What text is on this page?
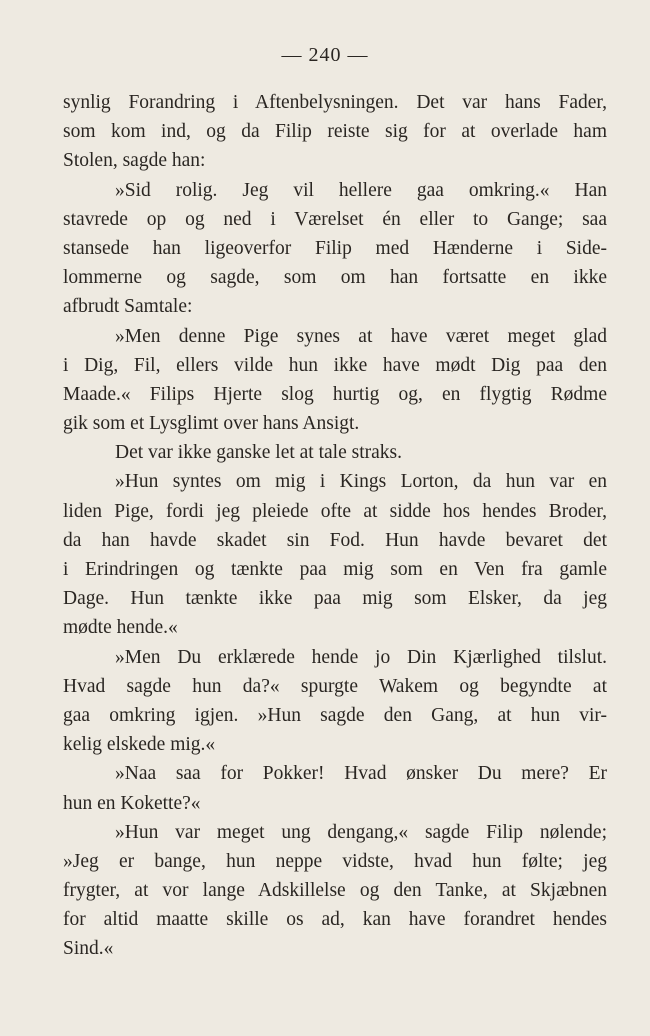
— 240 —
synlig Forandring i Aftenbelysningen. Det var hans Fader,
som kom ind, og da Filip reiste sig for at overlade ham
Stolen, sagde han:
»Sid rolig. Jeg vil hellere gaa omkring.« Han
stavrede op og ned i Værelset én eller to Gange; saa
stansede han ligeoverfor Filip med Hænderne i Side-
lommerne og sagde, som om han fortsatte en ikke
afbrudt Samtale:
»Men denne Pige synes at have været meget glad
i Dig, Fil, ellers vilde hun ikke have mødt Dig paa den
Maade.« Filips Hjerte slog hurtig og, en flygtig Rødme
gik som et Lysglimt over hans Ansigt.
Det var ikke ganske let at tale straks.
»Hun syntes om mig i Kings Lorton, da hun var en
liden Pige, fordi jeg pleiede ofte at sidde hos hendes Broder,
da han havde skadet sin Fod. Hun havde bevaret det
i Erindringen og tænkte paa mig som en Ven fra gamle
Dage. Hun tænkte ikke paa mig som Elsker, da jeg
mødte hende.«
»Men Du erklærede hende jo Din Kjærlighed tilslut.
Hvad sagde hun da?« spurgte Wakem og begyndte at
gaa omkring igjen. »Hun sagde den Gang, at hun vir-
kelig elskede mig.«
»Naa saa for Pokker! Hvad ønsker Du mere? Er
hun en Kokette?«
»Hun var meget ung dengang,« sagde Filip nølende;
»Jeg er bange, hun neppe vidste, hvad hun følte; jeg
frygter, at vor lange Adskillelse og den Tanke, at Skjæbnen
for altid maatte skille os ad, kan have forandret hendes
Sind.«
